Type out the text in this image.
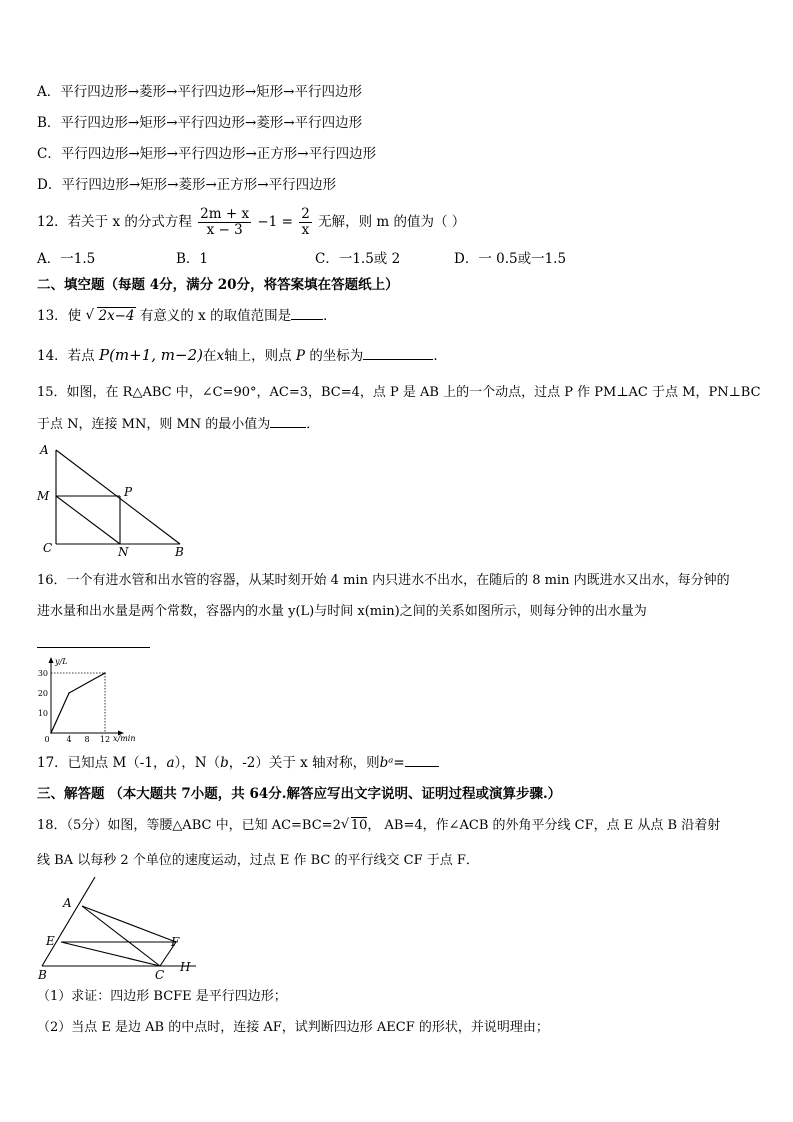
A．平行四边形→菱形→平行四边形→矩形→平行四边形
B．平行四边形→矩形→平行四边形→菱形→平行四边形
C．平行四边形→矩形→平行四边形→正方形→平行四边形
D．平行四边形→矩形→菱形→正方形→平行四边形
12．若关于 x 的分式方程 $\frac{2m + x}{x - 3} -1 = \frac{2}{x}$ 无解，则 m 的值为（ ）
A．一1.5	B．1	C．一1.5或 2	D．一 0.5或一1.5
二、填空题（每题 4分，满分 20分，将答案填在答题纸上）
13．使 √ 2x−4 有意义的 x 的取值范围是 ．
14．若点 P(m+1, m−2)在x轴上，则点 P 的坐标为	．
15．如图，在 R△ABC 中，∠C=90°，AC=3，BC=4，点 P 是 AB 上的一个动点，过点 P 作 PM⊥AC 于点 M，PN⊥BC
于点 N，连接 MN，则 MN 的最小值为	．
A
M	P
C	N	B
16．一个有进水管和出水管的容器，从某时刻开始 4 min 内只进水不出水，在随后的 8 min 内既进水又出水，每分钟的
进水量和出水量是两个常数，容器内的水量 y(L)与时间 x(min)之间的关系如图所示，则每分钟的出水量为
y/L
x/min
10
20
30
0 4 8 12
17．已知点 M（-1，a），N（b，-2）关于 x 轴对称，则bᵃ=
三、解答题 （本大题共 7小题，共 64分.解答应写出文字说明、证明过程或演算步骤.）
18．（5分）如图，等腰△ABC 中，已知 AC=BC=2 √ 10， AB=4，作∠ACB 的外角平分线 CF，点 E 从点 B 沿着射
线 BA 以每秒 2 个单位的速度运动，过点 E 作 BC 的平行线交 CF 于点 F．
A
E	F
B	C
H
（1）求证：四边形 BCFE 是平行四边形；
（2）当点 E 是边 AB 的中点时，连接 AF，试判断四边形 AECF 的形状，并说明理由；
